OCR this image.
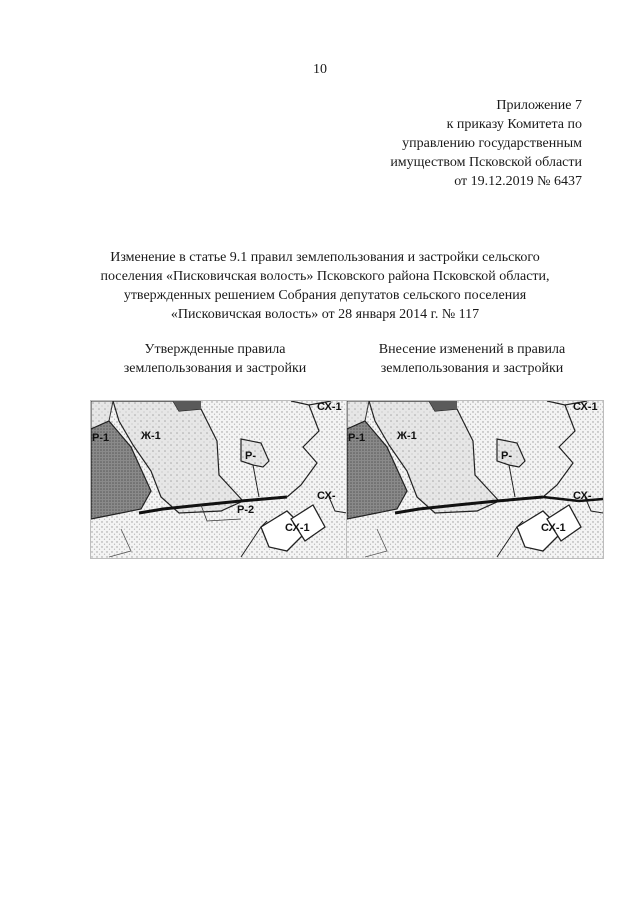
10
Приложение 7
к приказу Комитета по
управлению государственным
имуществом Псковской области
от 19.12.2019 № 6437
Изменение в статье 9.1 правил землепользования и застройки сельского
поселения «Писковичская волость» Псковского района Псковской области,
утвержденных решением Собрания депутатов сельского поселения
«Писковичская волость» от 28 января 2014 г. № 117
Утвержденные правила
землепользования и застройки
Внесение изменений в правила
землепользования и застройки
Р-1	Ж-1
Р-
Р-2
СХ-1
СХ-
СХ-1
Р-1	Ж-1
Р-
СХ-1
СХ-
СХ-1
